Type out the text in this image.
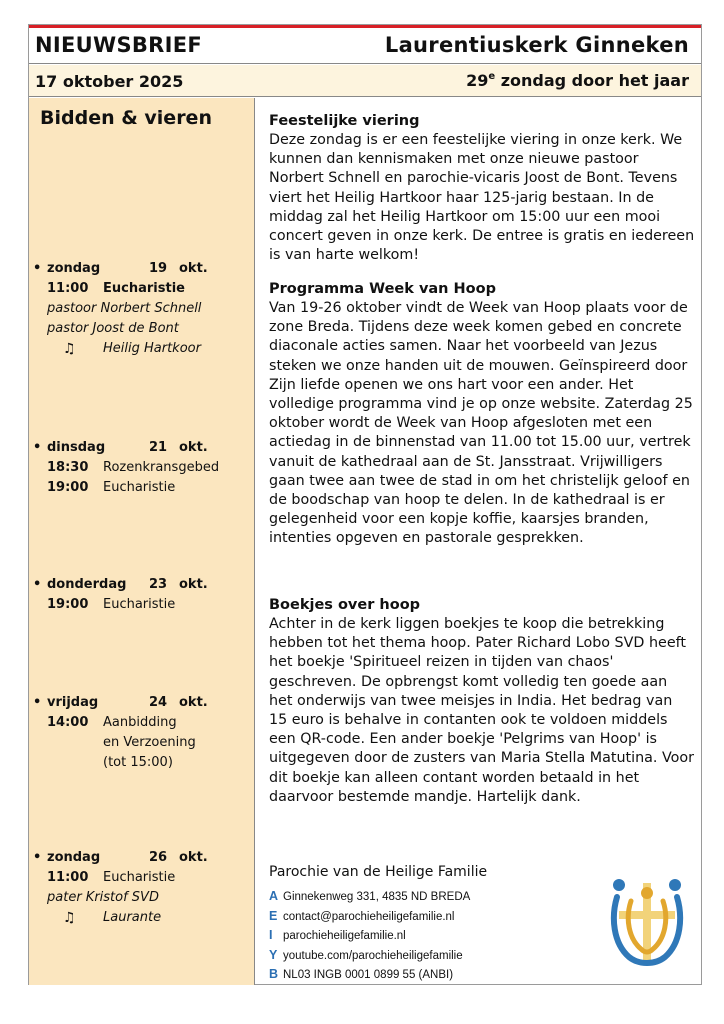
NIEUWSBRIEF	Laurentiuskerk Ginneken
17 oktober 2025	29e zondag door het jaar
Bidden & vieren
• zondag	19 okt.
11:00 Eucharistie
pastoor Norbert Schnell
pastor Joost de Bont
♫ Heilig Hartkoor
• dinsdag	21 okt.
18:30 Rozenkransgebed
19:00 Eucharistie
• donderdag 23 okt.
19:00 Eucharistie
• vrijdag	24 okt.
14:00 Aanbidding
en Verzoening
(tot 15:00)
• zondag	26 okt.
11:00 Eucharistie
pater Kristof SVD
♫ Laurante
Feestelijke viering

Deze zondag is er een feestelijke viering in onze kerk. We kunnen dan kennismaken met onze nieuwe pastoor Norbert Schnell en parochie-vicaris Joost de Bont. Tevens viert het Heilig Hartkoor haar 125-jarig bestaan. In de middag zal het Heilig Hartkoor om 15:00 uur een mooi concert geven in onze kerk. De entree is gratis en iedereen is van harte welkom!

Programma Week van Hoop

Van 19-26 oktober vindt de Week van Hoop plaats voor de zone Breda. Tijdens deze week komen gebed en concrete diaconale acties samen. Naar het voorbeeld van Jezus steken we onze handen uit de mouwen. Geïnspireerd door Zijn liefde openen we ons hart voor een ander. Het volledige programma vind je op onze website. Zaterdag 25 oktober wordt de Week van Hoop afgesloten met een actiedag in de binnenstad van 11.00 tot 15.00 uur, vertrek vanuit de kathedraal aan de St. Jansstraat. Vrijwilligers gaan twee aan twee de stad in om het christelijk geloof en de boodschap van hoop te delen. In de kathedraal is er gelegenheid voor een kopje koffie, kaarsjes branden, intenties opgeven en pastorale gesprekken.

Boekjes over hoop

Achter in de kerk liggen boekjes te koop die betrekking hebben tot het thema hoop. Pater Richard Lobo SVD heeft het boekje 'Spiritueel reizen in tijden van chaos' geschreven. De opbrengst komt volledig ten goede aan het onderwijs van twee meisjes in India. Het bedrag van 15 euro is behalve in contanten ook te voldoen middels een QR-code. Een ander boekje 'Pelgrims van Hoop' is uitgegeven door de zusters van Maria Stella Matutina. Voor dit boekje kan alleen contant worden betaald in het daarvoor bestemde mandje. Hartelijk dank.

Parochie van de Heilige Familie
A Ginnekenweg 331, 4835 ND BREDA
E contact@parochieheiligefamilie.nl
I parochieheiligefamilie.nl
Y youtube.com/parochieheiligefamilie
B NL03 INGB 0001 0899 55 (ANBI)
